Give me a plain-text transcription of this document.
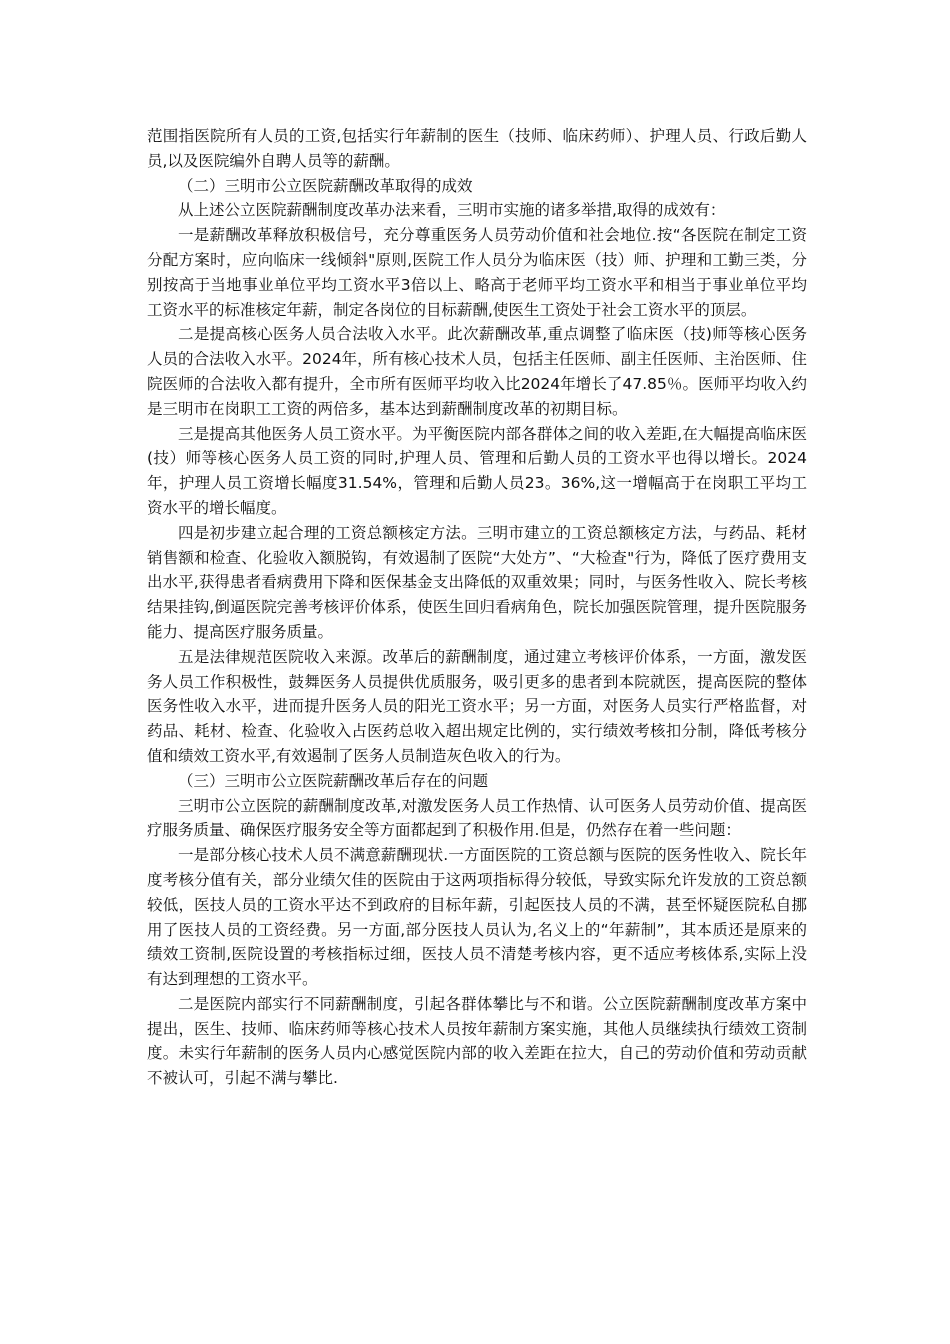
范围指医院所有人员的工资,包括实行年薪制的医生（技师、临床药师）、护理人员、行政后勤人员,以及医院编外自聘人员等的薪酬。

（二）三明市公立医院薪酬改革取得的成效

从上述公立医院薪酬制度改革办法来看，三明市实施的诸多举措,取得的成效有：

一是薪酬改革释放积极信号，充分尊重医务人员劳动价值和社会地位.按“各医院在制定工资分配方案时，应向临床一线倾斜"原则,医院工作人员分为临床医（技）师、护理和工勤三类，分别按高于当地事业单位平均工资水平3倍以上、略高于老师平均工资水平和相当于事业单位平均工资水平的标准核定年薪，制定各岗位的目标薪酬,使医生工资处于社会工资水平的顶层。

二是提高核心医务人员合法收入水平。此次薪酬改革,重点调整了临床医（技)师等核心医务人员的合法收入水平。2024年，所有核心技术人员，包括主任医师、副主任医师、主治医师、住院医师的合法收入都有提升，全市所有医师平均收入比2024年增长了47.85％。医师平均收入约是三明市在岗职工工资的两倍多，基本达到薪酬制度改革的初期目标。

三是提高其他医务人员工资水平。为平衡医院内部各群体之间的收入差距,在大幅提高临床医(技）师等核心医务人员工资的同时,护理人员、管理和后勤人员的工资水平也得以增长。2024年，护理人员工资增长幅度31.54%，管理和后勤人员23。36%,这一增幅高于在岗职工平均工资水平的增长幅度。

四是初步建立起合理的工资总额核定方法。三明市建立的工资总额核定方法，与药品、耗材销售额和检查、化验收入额脱钩，有效遏制了医院“大处方”、“大检查"行为，降低了医疗费用支出水平,获得患者看病费用下降和医保基金支出降低的双重效果；同时，与医务性收入、院长考核结果挂钩,倒逼医院完善考核评价体系，使医生回归看病角色，院长加强医院管理，提升医院服务能力、提高医疗服务质量。

五是法律规范医院收入来源。改革后的薪酬制度，通过建立考核评价体系，一方面，激发医务人员工作积极性，鼓舞医务人员提供优质服务，吸引更多的患者到本院就医，提高医院的整体医务性收入水平，进而提升医务人员的阳光工资水平；另一方面，对医务人员实行严格监督，对药品、耗材、检查、化验收入占医药总收入超出规定比例的，实行绩效考核扣分制，降低考核分值和绩效工资水平,有效遏制了医务人员制造灰色收入的行为。

（三）三明市公立医院薪酬改革后存在的问题

三明市公立医院的薪酬制度改革,对激发医务人员工作热情、认可医务人员劳动价值、提高医疗服务质量、确保医疗服务安全等方面都起到了积极作用.但是，仍然存在着一些问题：

一是部分核心技术人员不满意薪酬现状.一方面医院的工资总额与医院的医务性收入、院长年度考核分值有关，部分业绩欠佳的医院由于这两项指标得分较低，导致实际允许发放的工资总额较低，医技人员的工资水平达不到政府的目标年薪，引起医技人员的不满，甚至怀疑医院私自挪用了医技人员的工资经费。另一方面,部分医技人员认为,名义上的“年薪制”，其本质还是原来的绩效工资制,医院设置的考核指标过细，医技人员不清楚考核内容，更不适应考核体系,实际上没有达到理想的工资水平。

二是医院内部实行不同薪酬制度，引起各群体攀比与不和谐。公立医院薪酬制度改革方案中提出，医生、技师、临床药师等核心技术人员按年薪制方案实施，其他人员继续执行绩效工资制度。未实行年薪制的医务人员内心感觉医院内部的收入差距在拉大，自己的劳动价值和劳动贡献不被认可，引起不满与攀比.
